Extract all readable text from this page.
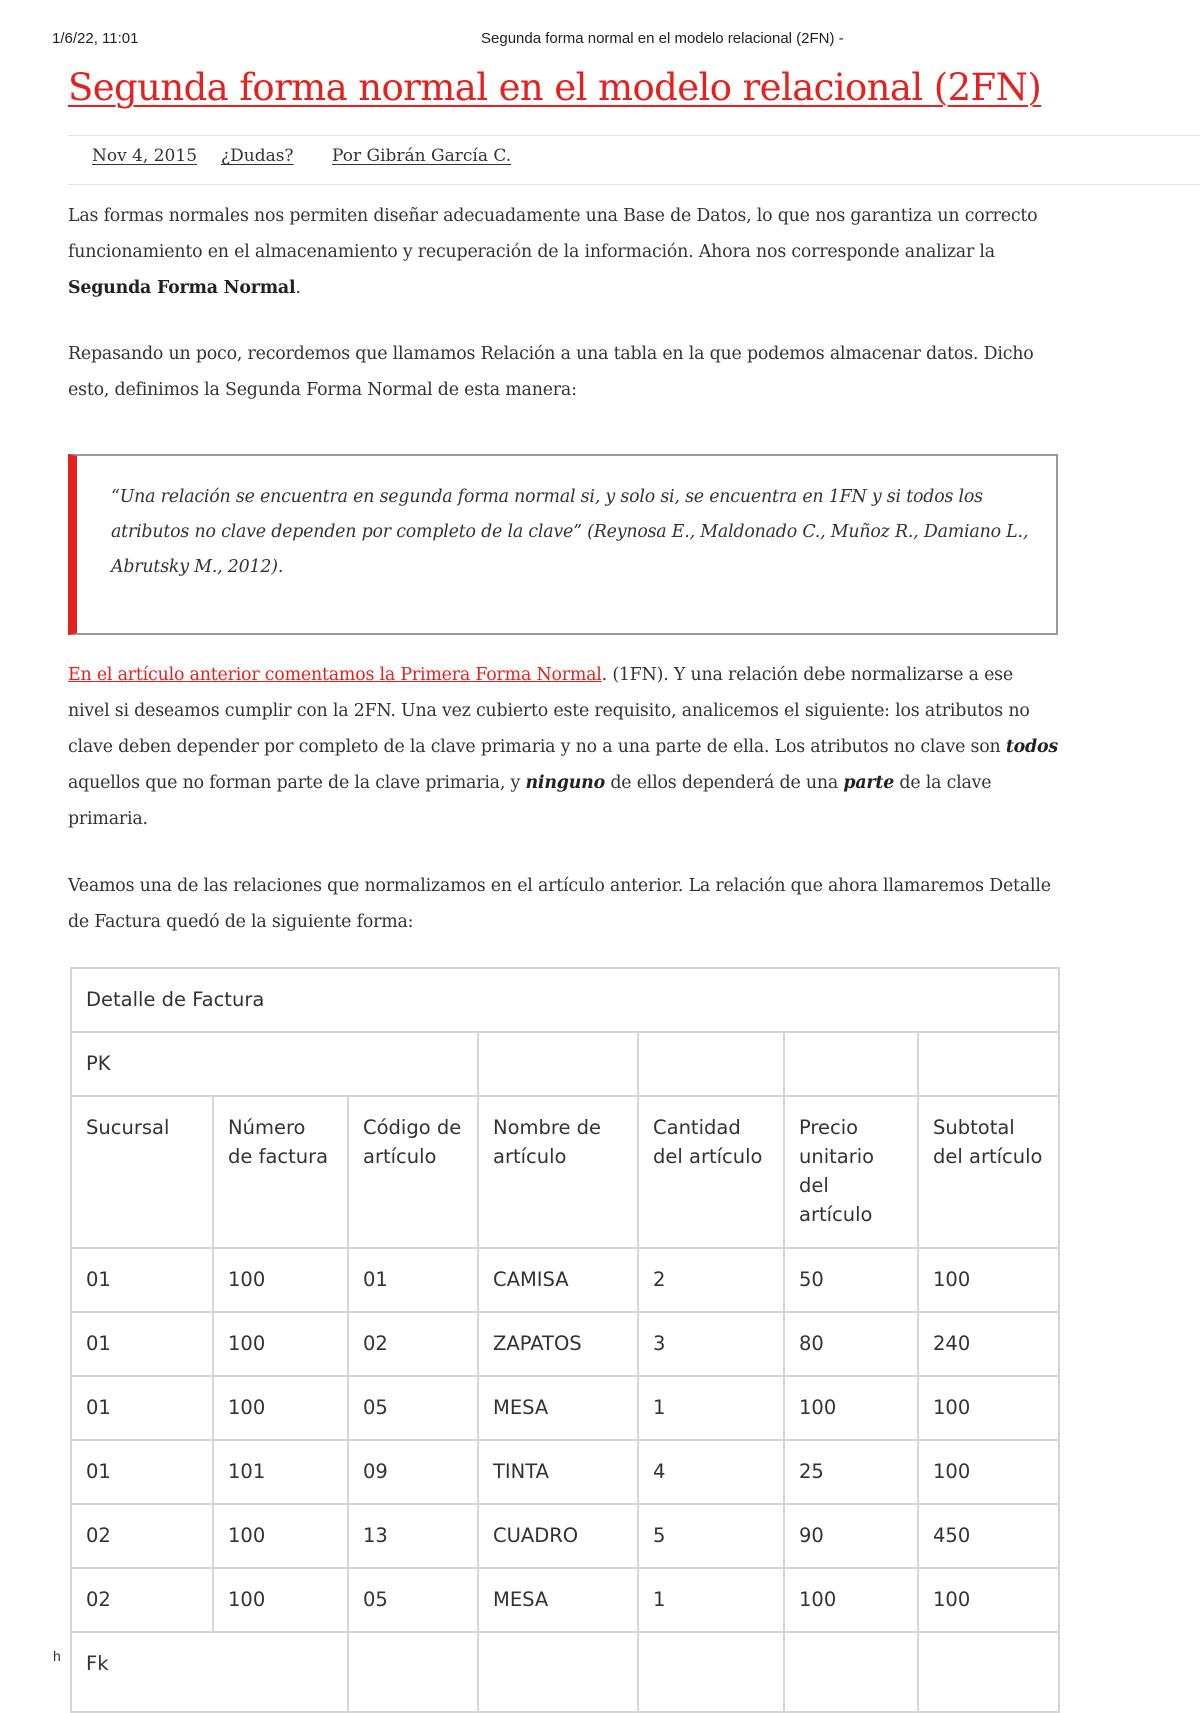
1/6/22, 11:01	Segunda forma normal en el modelo relacional (2FN) -
Segunda forma normal en el modelo relacional (2FN)
Nov 4, 2015 ¿Dudas? Por Gibrán García C.

Las formas normales nos permiten diseñar adecuadamente una Base de Datos, lo que nos garantiza un correcto funcionamiento en el almacenamiento y recuperación de la información. Ahora nos corresponde analizar la Segunda Forma Normal.

Repasando un poco, recordemos que llamamos Relación a una tabla en la que podemos almacenar datos. Dicho esto, definimos la Segunda Forma Normal de esta manera:

“Una relación se encuentra en segunda forma normal si, y solo si, se encuentra en 1FN y si todos los atributos no clave dependen por completo de la clave” (Reynosa E., Maldonado C., Muñoz R., Damiano L., Abrutsky M., 2012).

En el artículo anterior comentamos la Primera Forma Normal. (1FN). Y una relación debe normalizarse a ese nivel si deseamos cumplir con la 2FN. Una vez cubierto este requisito, analicemos el siguiente: los atributos no clave deben depender por completo de la clave primaria y no a una parte de ella. Los atributos no clave son todos aquellos que no forman parte de la clave primaria, y ninguno de ellos dependerá de una parte de la clave primaria.

Veamos una de las relaciones que normalizamos en el artículo anterior. La relación que ahora llamaremos Detalle de Factura quedó de la siguiente forma:

Detalle de Factura						
PK						
Sucursal	Número de factura	Código de artículo	Nombre de artículo	Cantidad del artículo	Precio unitario del artículo	Subtotal del artículo
01	100	01	CAMISA	2	50	100
01	100	02	ZAPATOS	3	80	240
01	100	05	MESA	1	100	100
01	101	09	TINTA	4	25	100
02	100	13	CUADRO	5	90	450
02	100	05	MESA	1	100	100
Fk						
h
